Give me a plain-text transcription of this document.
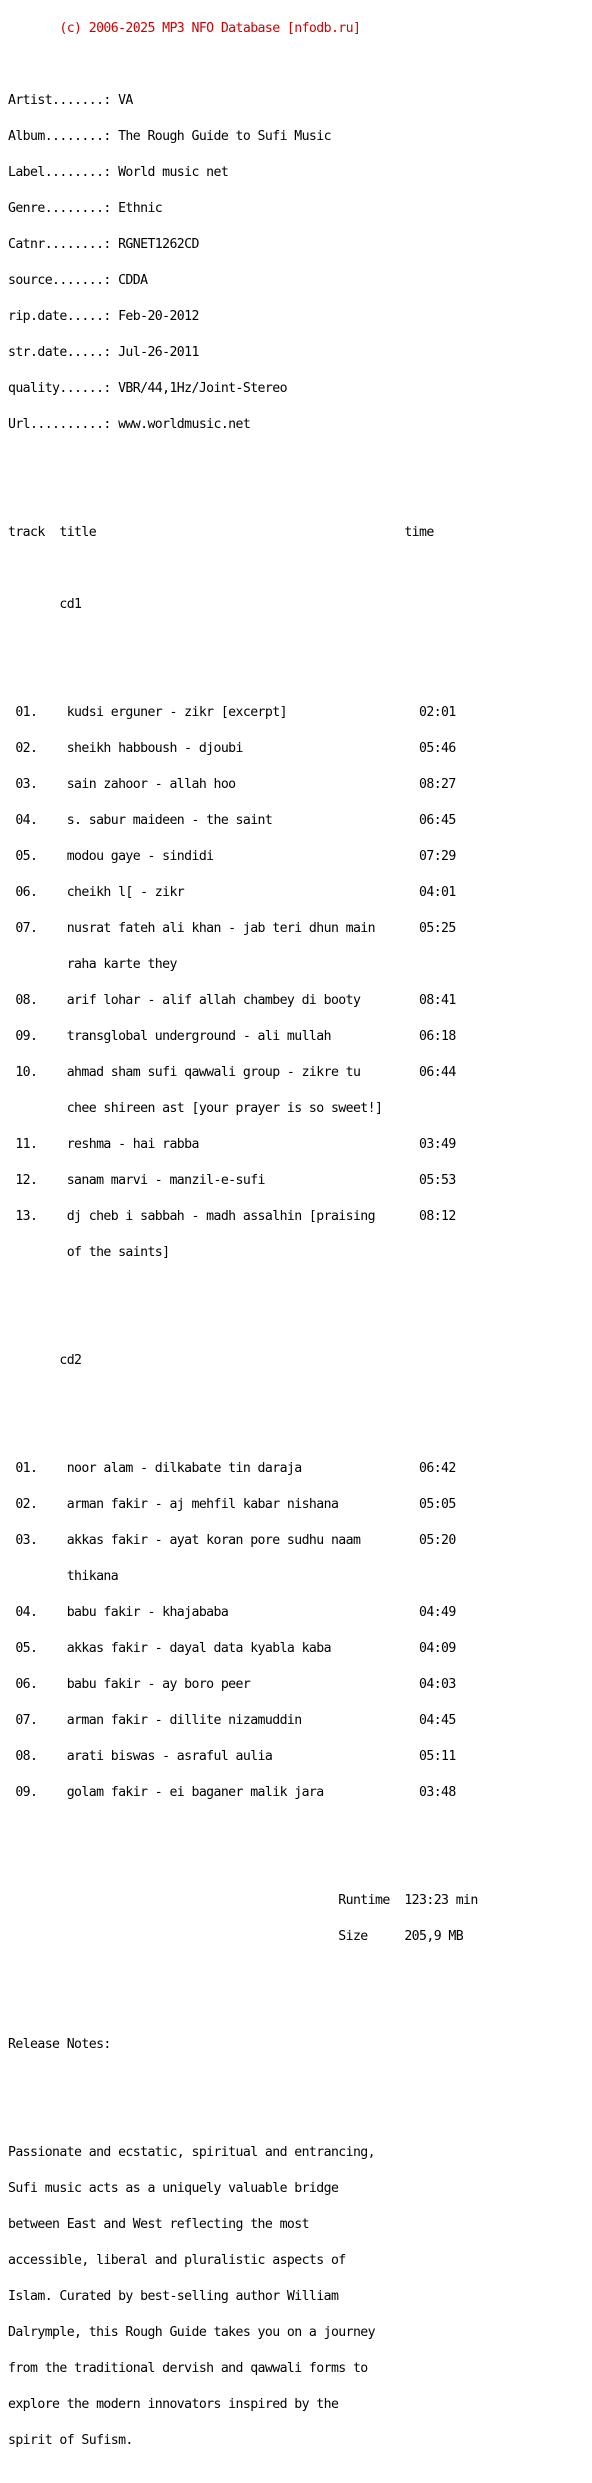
(c) 2006-2025 MP3 NFO Database [nfodb.ru]

Artist.......: VA

Album........: The Rough Guide to Sufi Music

Label........: World music net

Genre........: Ethnic

Catnr........: RGNET1262CD

source.......: CDDA

rip.date.....: Feb-20-2012

str.date.....: Jul-26-2011

quality......: VBR/44,1Hz/Joint-Stereo

Url..........: www.worldmusic.net

track  title                                          time

cd1

01.    kudsi erguner - zikr [excerpt]                  02:01

02.    sheikh habboush - djoubi                        05:46

03.    sain zahoor - allah hoo                         08:27

04.    s. sabur maideen - the saint                    06:45

05.    modou gaye - sindidi                            07:29

06.    cheikh l[ - zikr                                04:01

07.    nusrat fateh ali khan - jab teri dhun main      05:25

raha karte they

08.    arif lohar - alif allah chambey di booty        08:41

09.    transglobal underground - ali mullah            06:18

10.    ahmad sham sufi qawwali group - zikre tu        06:44

chee shireen ast [your prayer is so sweet!]

11.    reshma - hai rabba                              03:49

12.    sanam marvi - manzil-e-sufi                     05:53

13.    dj cheb i sabbah - madh assalhin [praising      08:12

of the saints]

cd2

01.    noor alam - dilkabate tin daraja                06:42

02.    arman fakir - aj mehfil kabar nishana           05:05

03.    akkas fakir - ayat koran pore sudhu naam        05:20

thikana

04.    babu fakir - khajababa                          04:49

05.    akkas fakir - dayal data kyabla kaba            04:09

06.    babu fakir - ay boro peer                       04:03

07.    arman fakir - dillite nizamuddin                04:45

08.    arati biswas - asraful aulia                    05:11

09.    golam fakir - ei baganer malik jara             03:48

Runtime  123:23 min

Size     205,9 MB

Release Notes:

Passionate and ecstatic, spiritual and entrancing,

Sufi music acts as a uniquely valuable bridge

between East and West reflecting the most

accessible, liberal and pluralistic aspects of

Islam. Curated by best-selling author William

Dalrymple, this Rough Guide takes you on a journey

from the traditional dervish and qawwali forms to

explore the modern innovators inspired by the

spirit of Sufism.
